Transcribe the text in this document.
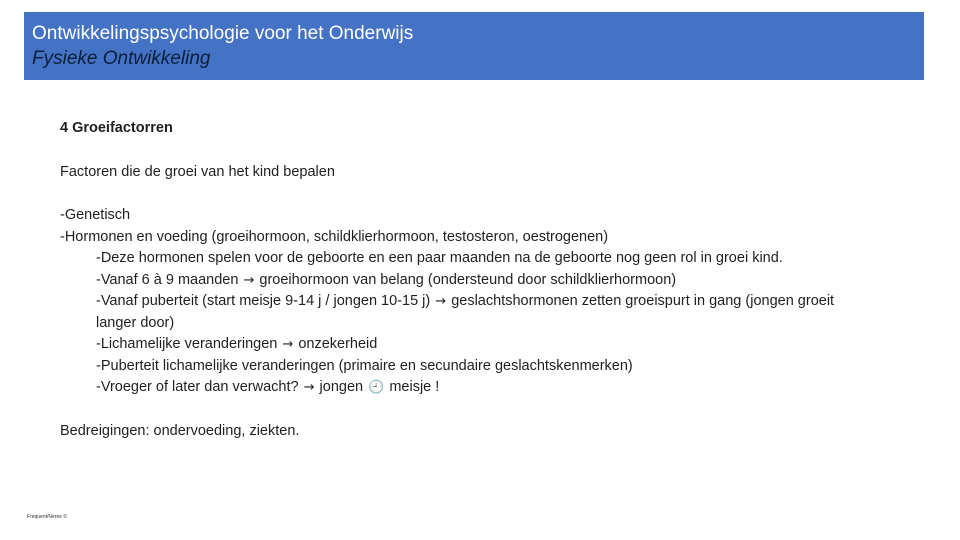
Ontwikkelingspsychologie voor het Onderwijs
Fysieke Ontwikkeling

4 Groeifactorren

Factoren die de groei van het kind bepalen

-Genetisch

-Hormonen en voeding (groeihormoon, schildklierhormoon, testosteron, oestrogenen)

-Deze hormonen spelen voor de geboorte en een paar maanden na de geboorte nog geen rol in groei kind.

-Vanaf 6 à 9 maanden → groeihormoon van belang (ondersteund door schildklierhormoon)

-Vanaf puberteit (start meisje 9-14 j / jongen 10-15 j) → geslachtshormonen zetten groeispurt in gang (jongen groeit langer door)

-Lichamelijke veranderingen → onzekerheid

-Puberteit lichamelijke veranderingen (primaire en secundaire geslachtskenmerken)

-Vroeger of later dan verwacht? → jongen 🕘 meisje !

Bedreigingen: ondervoeding, ziekten.

Frequent/Neree ©
